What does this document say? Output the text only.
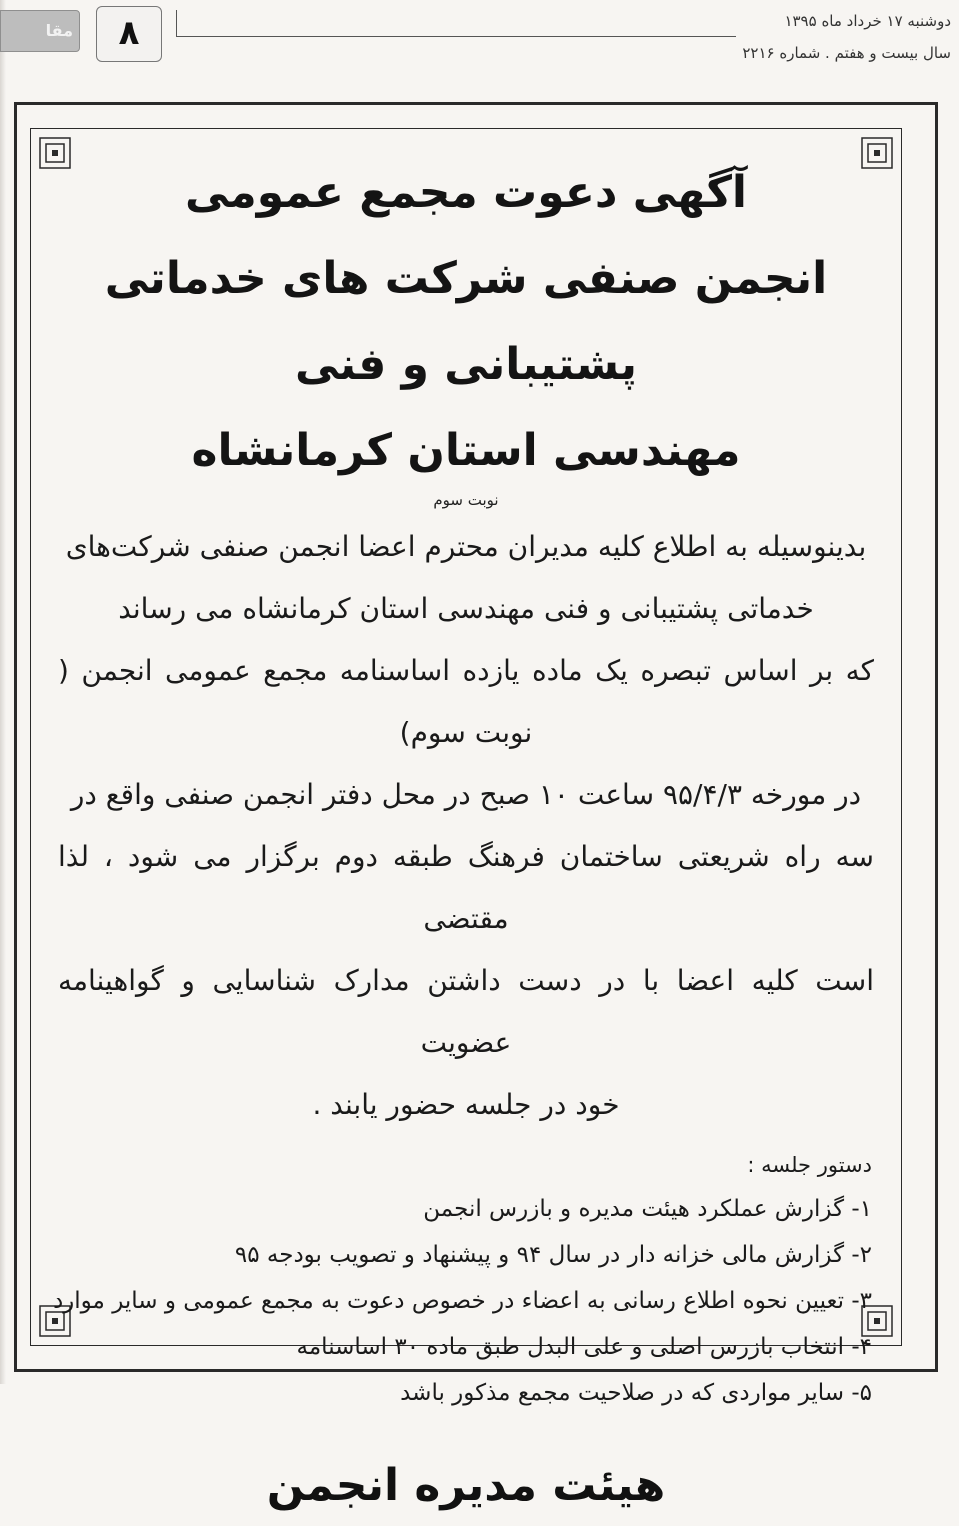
مقا	۸	دوشنبه ۱۷ خرداد ماه ۱۳۹۵
سال بیست و هفتم . شماره ۲۲۱۶

آگهی دعوت مجمع عمومی

انجمن صنفی شرکت های خدماتی پشتیبانی و فنی

مهندسی استان کرمانشاه

نوبت سوم

بدینوسیله به اطلاع کلیه مدیران محترم اعضا انجمن صنفی شرکت‌های

خدماتی پشتیبانی و فنی مهندسی استان کرمانشاه می رساند

که بر اساس تبصره یک ماده یازده اساسنامه مجمع عمومی انجمن ( نوبت سوم)

در مورخه ۹۵/۴/۳ ساعت ۱۰ صبح در محل دفتر انجمن صنفی واقع در

سه راه شریعتی ساختمان فرهنگ طبقه دوم برگزار می شود ، لذا مقتضی

است کلیه اعضا با در دست داشتن مدارک شناسایی و گواهینامه عضویت

خود در جلسه حضور یابند .

دستور جلسه :

۱- گزارش عملکرد هیئت مدیره و بازرس انجمن

۲- گزارش مالی خزانه دار در سال ۹۴ و پیشنهاد و تصویب بودجه ۹۵

۳- تعیین نحوه اطلاع رسانی به اعضاء در خصوص دعوت به مجمع عمومی و سایر موارد

۴- انتخاب بازرس اصلی و علی البدل طبق ماده ۳۰ اساسنامه

۵- سایر مواردی که در صلاحیت مجمع مذکور باشد

هیئت مدیره انجمن
